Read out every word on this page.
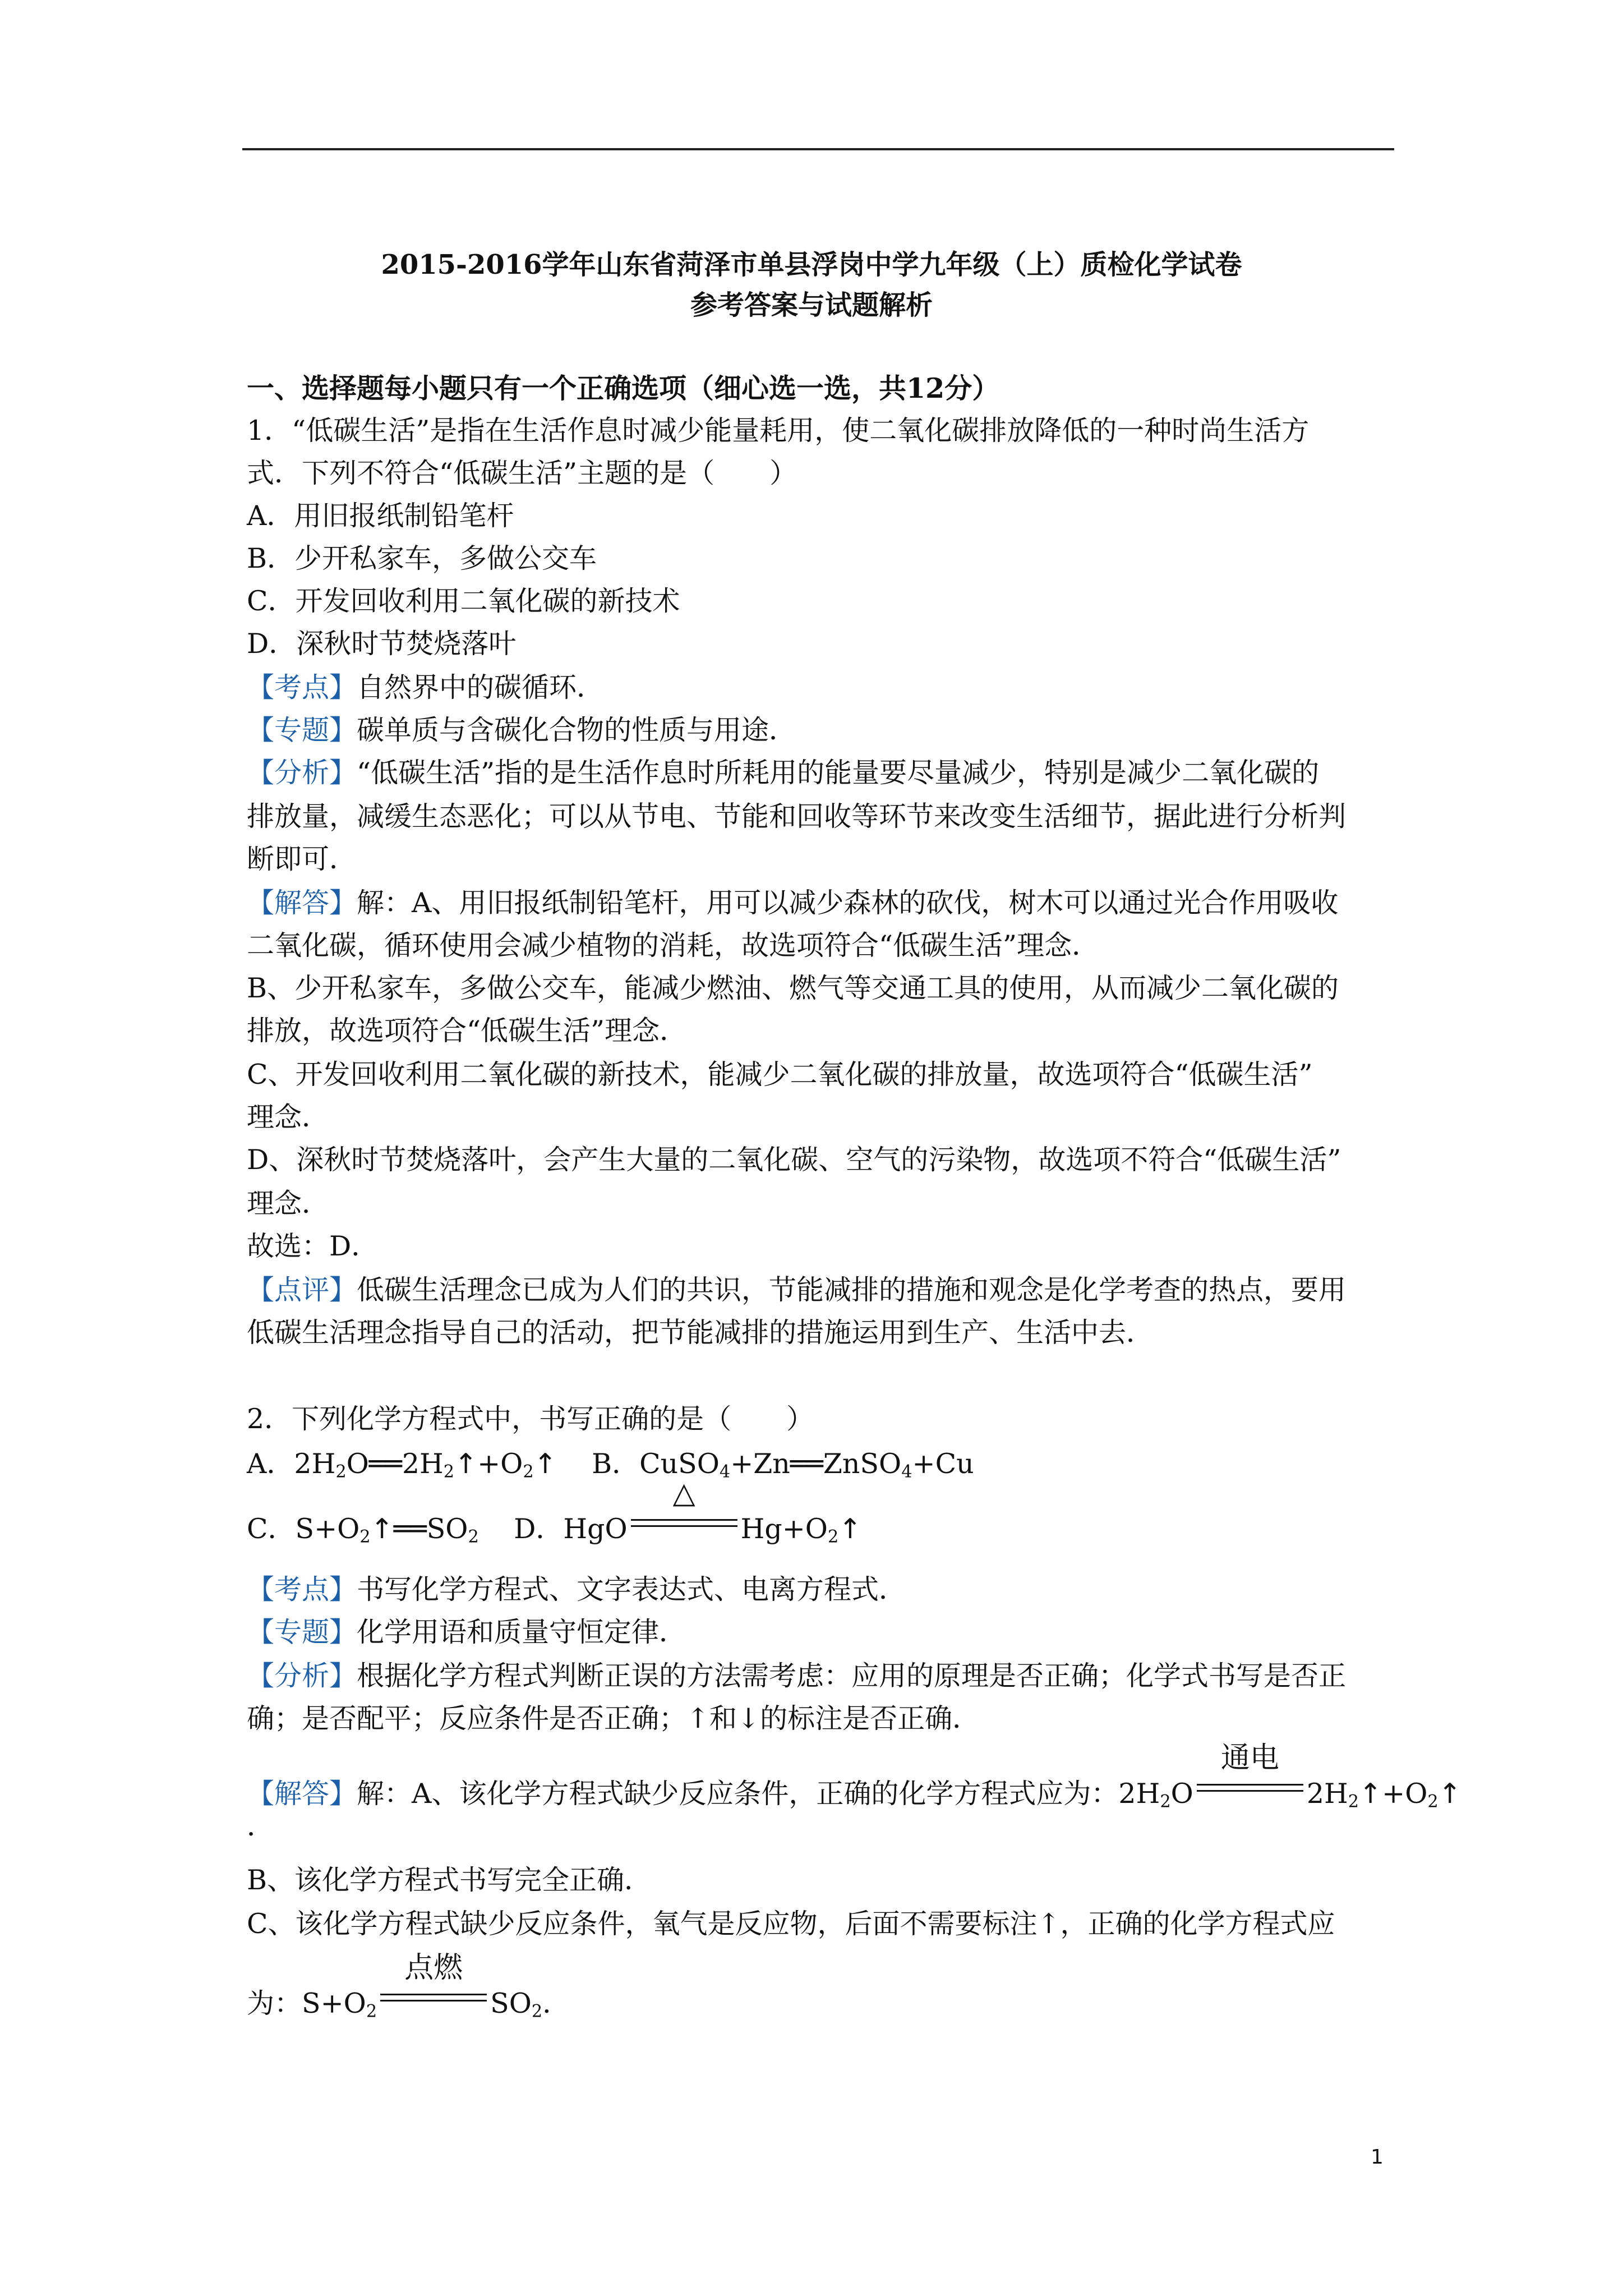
2015-2016学年山东省菏泽市单县浮岗中学九年级（上）质检化学试卷
参考答案与试题解析
一、选择题每小题只有一个正确选项（细心选一选，共12分）
1．“低碳生活”是指在生活作息时减少能量耗用，使二氧化碳排放降低的一种时尚生活方
式．下列不符合“低碳生活”主题的是（　　）
A．用旧报纸制铅笔杆
B．少开私家车，多做公交车
C．开发回收利用二氧化碳的新技术
D．深秋时节焚烧落叶
【考点】自然界中的碳循环．
【专题】碳单质与含碳化合物的性质与用途．
【分析】“低碳生活”指的是生活作息时所耗用的能量要尽量减少，特别是减少二氧化碳的
排放量，减缓生态恶化；可以从节电、节能和回收等环节来改变生活细节，据此进行分析判
断即可．
【解答】解：A、用旧报纸制铅笔杆，用可以减少森林的砍伐，树木可以通过光合作用吸收
二氧化碳，循环使用会减少植物的消耗，故选项符合“低碳生活”理念．
B、少开私家车，多做公交车，能减少燃油、燃气等交通工具的使用，从而减少二氧化碳的
排放，故选项符合“低碳生活”理念．
C、开发回收利用二氧化碳的新技术，能减少二氧化碳的排放量，故选项符合“低碳生活”
理念．
D、深秋时节焚烧落叶，会产生大量的二氧化碳、空气的污染物，故选项不符合“低碳生活”
理念．
故选：D．
【点评】低碳生活理念已成为人们的共识，节能减排的措施和观念是化学考查的热点，要用
低碳生活理念指导自己的活动，把节能减排的措施运用到生产、生活中去．
2．下列化学方程式中，书写正确的是（　　）
A．$2H_2O══2H_2↑+O_2↑$ B．CuSO$_4$+Zn══ZnSO$_4$+Cu
C．$S+O_2↑══SO_2$ D．HgO
△
$Hg+O_2↑$
【考点】书写化学方程式、文字表达式、电离方程式．
【专题】化学用语和质量守恒定律．
【分析】根据化学方程式判断正误的方法需考虑：应用的原理是否正确；化学式书写是否正
确；是否配平；反应条件是否正确；↑和↓的标注是否正确．
【解答】解：A、该化学方程式缺少反应条件，正确的化学方程式应为：$2H_2O$
通电
$2H_2↑+O_2↑$
．
B、该化学方程式书写完全正确．
C、该化学方程式缺少反应条件，氧气是反应物，后面不需要标注↑，正确的化学方程式应
为：$S+O_2$
点燃
$SO_2$．
1
